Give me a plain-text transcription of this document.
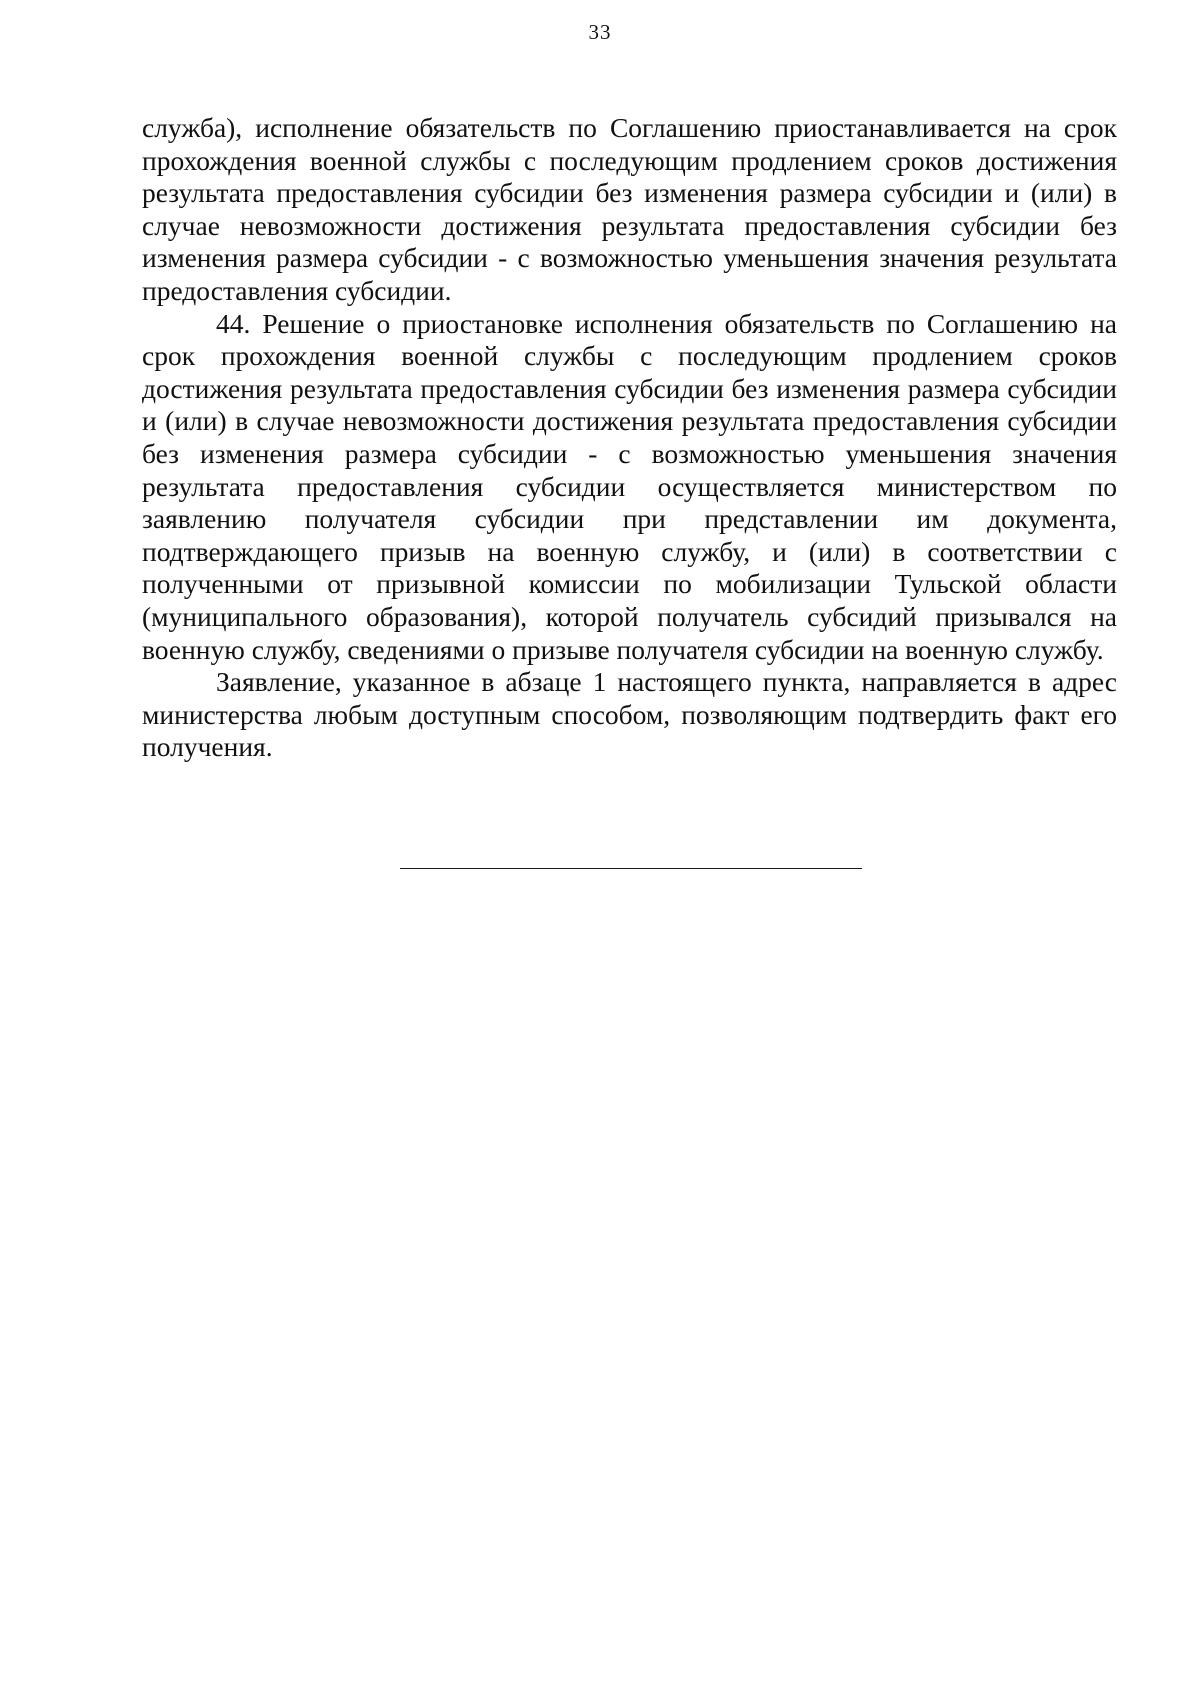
33

служба), исполнение обязательств по Соглашению приостанавливается на срок прохождения военной службы с последующим продлением сроков достижения результата предоставления субсидии без изменения размера субсидии и (или) в случае невозможности достижения результата предоставления субсидии без изменения размера субсидии - с возможностью уменьшения значения результата предоставления субсидии.

44. Решение о приостановке исполнения обязательств по Соглашению на срок прохождения военной службы с последующим продлением сроков достижения результата предоставления субсидии без изменения размера субсидии и (или) в случае невозможности достижения результата предоставления субсидии без изменения размера субсидии - с возможностью уменьшения значения результата предоставления субсидии осуществляется министерством по заявлению получателя субсидии при представлении им документа, подтверждающего призыв на военную службу, и (или) в соответствии с полученными от призывной комиссии по мобилизации Тульской области (муниципального образования), которой получатель субсидий призывался на военную службу, сведениями о призыве получателя субсидии на военную службу.

Заявление, указанное в абзаце 1 настоящего пункта, направляется в адрес министерства любым доступным способом, позволяющим подтвердить факт его получения.
